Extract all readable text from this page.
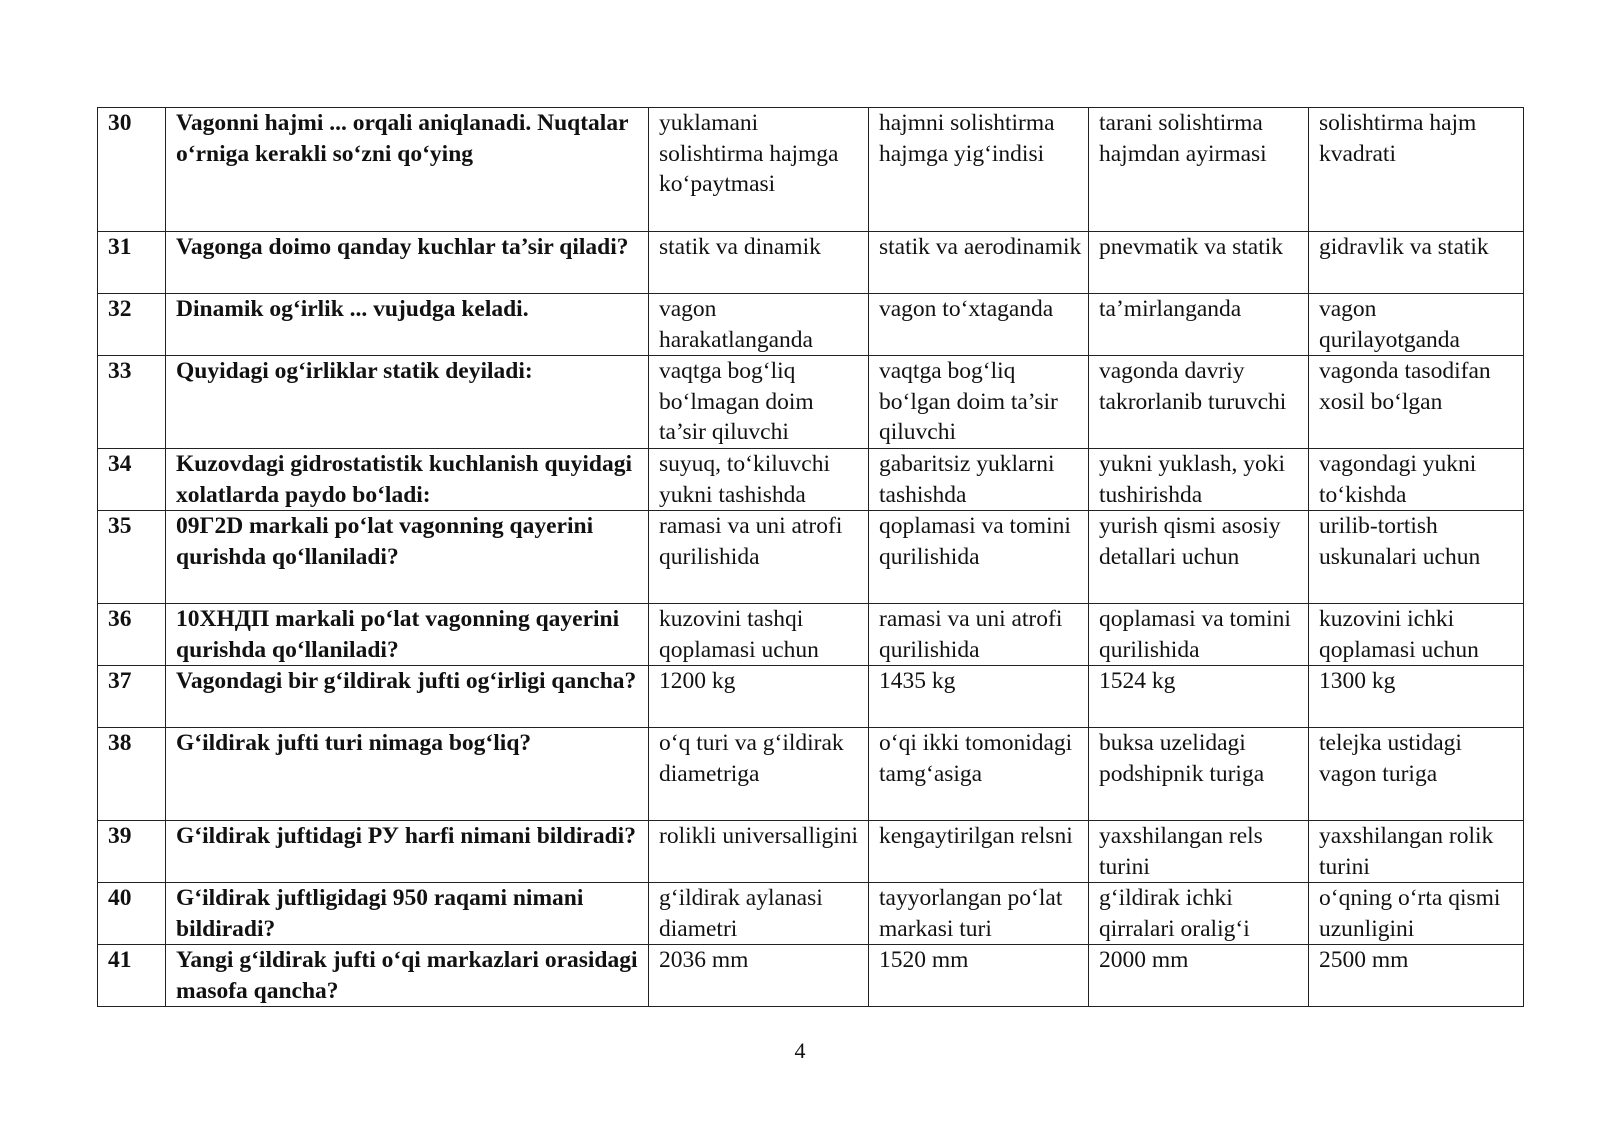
30	Vagonni hajmi ... orqali aniqlanadi. Nuqtalar o‘rniga kerakli so‘zni qo‘ying	yuklamani solishtirma hajmga ko‘paytmasi	hajmni solishtirma hajmga yig‘indisi	tarani solishtirma hajmdan ayirmasi	solishtirma hajm kvadrati
31	Vagonga doimo qanday kuchlar ta’sir qiladi?	statik va dinamik	statik va aerodinamik	pnevmatik va statik	gidravlik va statik
32	Dinamik og‘irlik ... vujudga keladi.	vagon harakatlanganda	vagon to‘xtaganda	ta’mirlanganda	vagon qurilayotganda
33	Quyidagi og‘irliklar statik deyiladi:	vaqtga bog‘liq bo‘lmagan doim ta’sir qiluvchi	vaqtga bog‘liq bo‘lgan doim ta’sir qiluvchi	vagonda davriy takrorlanib turuvchi	vagonda tasodifan xosil bo‘lgan
34	Kuzovdagi gidrostatistik kuchlanish quyidagi xolatlarda paydo bo‘ladi:	suyuq, to‘kiluvchi yukni tashishda	gabaritsiz yuklarni tashishda	yukni yuklash, yoki tushirishda	vagondagi yukni to‘kishda
35	09Г2D markali po‘lat vagonning qayerini qurishda qo‘llaniladi?	ramasi va uni atrofi qurilishida	qoplamasi va tomini qurilishida	yurish qismi asosiy detallari uchun	urilib-tortish uskunalari uchun
36	10ХНДП markali po‘lat vagonning qayerini qurishda qo‘llaniladi?	kuzovini tashqi qoplamasi uchun	ramasi va uni atrofi qurilishida	qoplamasi va tomini qurilishida	kuzovini ichki qoplamasi uchun
37	Vagondagi bir g‘ildirak jufti og‘irligi qancha?	1200 kg	1435 kg	1524 kg	1300 kg
38	G‘ildirak jufti turi nimaga bog‘liq?	o‘q turi va g‘ildirak diametriga	o‘qi ikki tomonidagi tamg‘asiga	buksa uzelidagi podshipnik turiga	telejka ustidagi vagon turiga
39	G‘ildirak juftidagi РУ harfi nimani bildiradi?	rolikli universalligini	kengaytirilgan relsni	yaxshilangan rels turini	yaxshilangan rolik turini
40	G‘ildirak juftligidagi 950 raqami nimani bildiradi?	g‘ildirak aylanasi diametri	tayyorlangan po‘lat markasi turi	g‘ildirak ichki qirralari oralig‘i	o‘qning o‘rta qismi uzunligini
41	Yangi g‘ildirak jufti o‘qi markazlari orasidagi masofa qancha?	2036 mm	1520 mm	2000 mm	2500 mm
4
